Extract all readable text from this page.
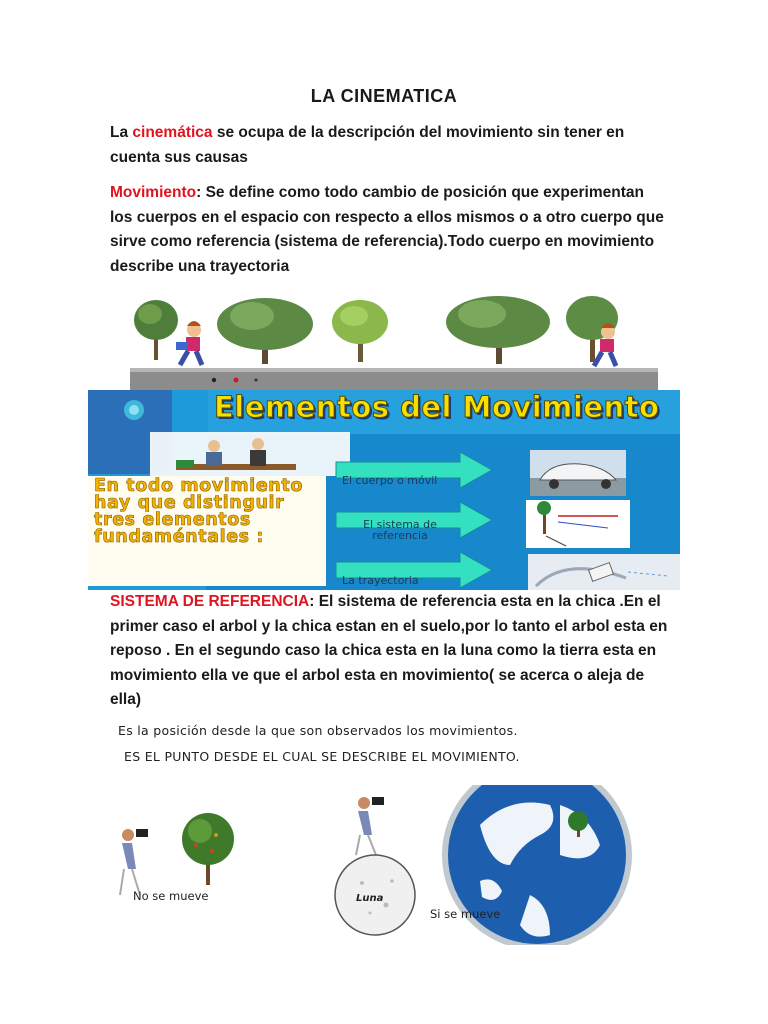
LA CINEMATICA
La cinemática se ocupa de la descripción del movimiento sin tener en cuenta sus causas
Movimiento: Se define como todo cambio de posición que experimentan los cuerpos en el espacio con respecto a ellos mismos o a otro cuerpo que sirve como referencia (sistema de referencia).Todo cuerpo en movimiento describe una trayectoria
Elementos del Movimiento
En todo movimiento hay que distinguir tres elementos fundaméntales :
El cuerpo o móvil
El sistema de referencia
La trayectoria
SISTEMA DE REFERENCIA: El sistema de referencia esta en la chica .En el primer caso el arbol y la chica estan en el suelo,por lo tanto el arbol esta en reposo . En el segundo caso la chica esta en la luna como la tierra esta en movimiento ella ve que el arbol esta en movimiento( se acerca o aleja de ella)
Es la posición desde la que son observados los movimientos.
ES EL PUNTO DESDE EL CUAL SE DESCRIBE EL MOVIMIENTO.
No se mueve	Luna
Si se mueve
